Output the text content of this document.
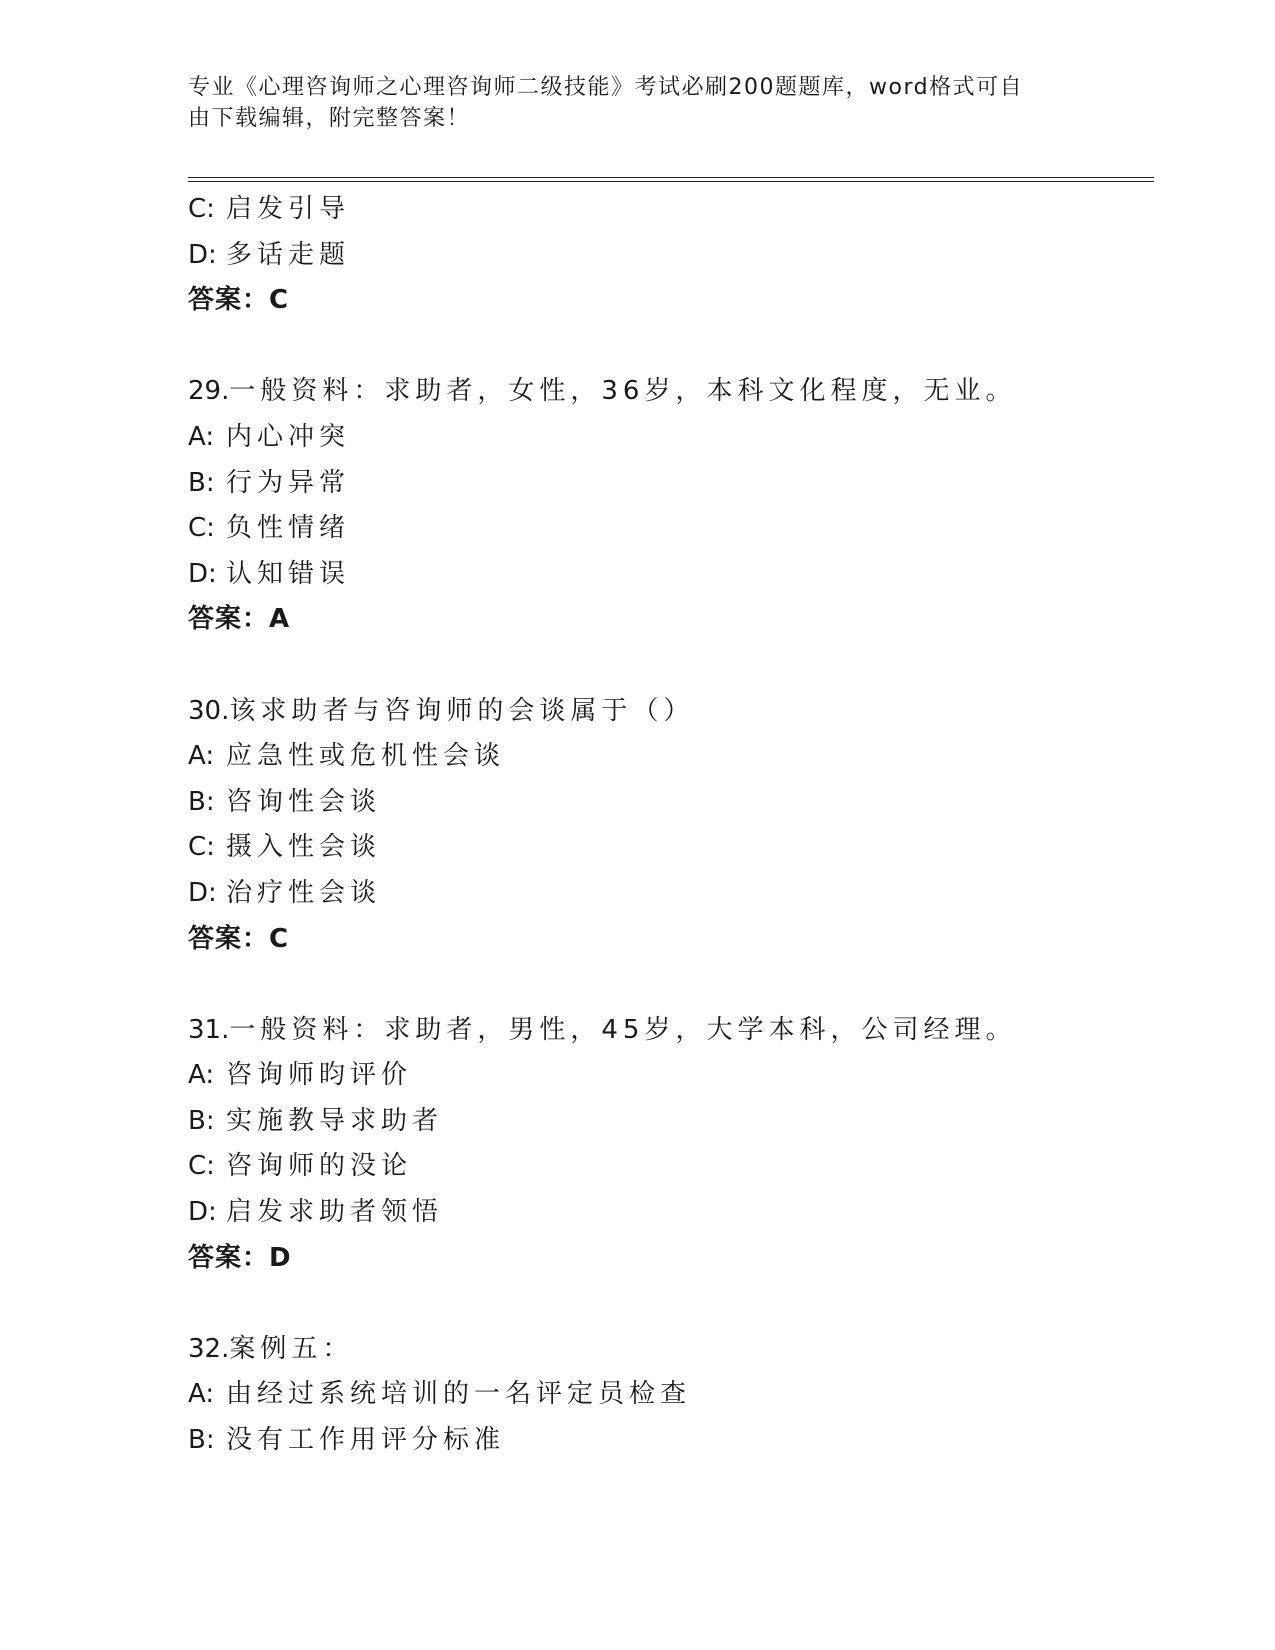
专业《心理咨询师之心理咨询师二级技能》考试必刷200题题库，word格式可自
由下载编辑，附完整答案！
C: 启发引导
D: 多话走题
答案：C
29.一般资料：求助者，女性，36岁，本科文化程度，无业。
A: 内心冲突
B: 行为异常
C: 负性情绪
D: 认知错误
答案：A
30.该求助者与咨询师的会谈属于（）
A: 应急性或危机性会谈
B: 咨询性会谈
C: 摄入性会谈
D: 治疗性会谈
答案：C
31.一般资料：求助者，男性，45岁，大学本科，公司经理。
A: 咨询师昀评价
B: 实施教导求助者
C: 咨询师的没论
D: 启发求助者领悟
答案：D
32.案例五：
A: 由经过系统培训的一名评定员检查
B: 没有工作用评分标准
